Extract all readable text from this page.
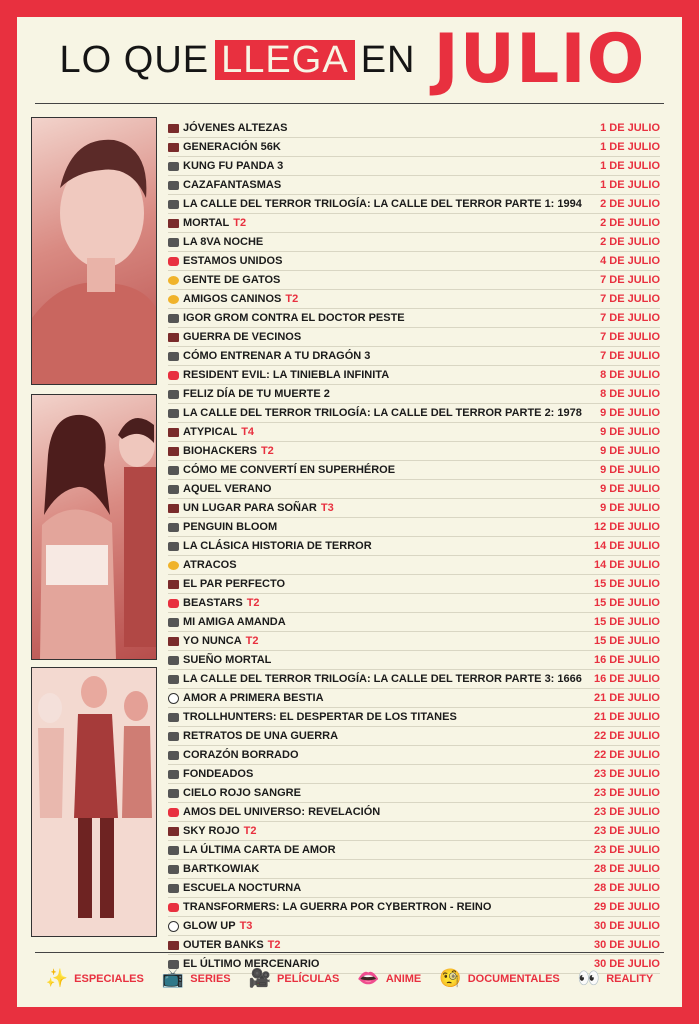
LO QUE LLEGA EN JULIO
JÓVENES ALTEZAS	1 DE JULIO
GENERACIÓN 56K	1 DE JULIO
KUNG FU PANDA 3	1 DE JULIO
CAZAFANTASMAS	1 DE JULIO
LA CALLE DEL TERROR TRILOGÍA: LA CALLE DEL TERROR PARTE 1: 1994 2 DE JULIO
MORTAL T2	2 DE JULIO
LA 8VA NOCHE	2 DE JULIO
ESTAMOS UNIDOS	4 DE JULIO
GENTE DE GATOS	7 DE JULIO
AMIGOS CANINOS T2	7 DE JULIO
IGOR GROM CONTRA EL DOCTOR PESTE	7 DE JULIO
GUERRA DE VECINOS	7 DE JULIO
CÓMO ENTRENAR A TU DRAGÓN 3	7 DE JULIO
RESIDENT EVIL: LA TINIEBLA INFINITA	8 DE JULIO
FELIZ DÍA DE TU MUERTE 2	8 DE JULIO
LA CALLE DEL TERROR TRILOGÍA: LA CALLE DEL TERROR PARTE 2: 1978 9 DE JULIO
ATYPICAL T4	9 DE JULIO
BIOHACKERS T2	9 DE JULIO
CÓMO ME CONVERTÍ EN SUPERHÉROE	9 DE JULIO
AQUEL VERANO	9 DE JULIO
UN LUGAR PARA SOÑAR T3	9 DE JULIO
PENGUIN BLOOM	12 DE JULIO
LA CLÁSICA HISTORIA DE TERROR	14 DE JULIO
ATRACOS	14 DE JULIO
EL PAR PERFECTO	15 DE JULIO
BEASTARS T2	15 DE JULIO
MI AMIGA AMANDA	15 DE JULIO
YO NUNCA T2	15 DE JULIO
SUEÑO MORTAL	16 DE JULIO
LA CALLE DEL TERROR TRILOGÍA: LA CALLE DEL TERROR PARTE 3: 1666 16 DE JULIO
AMOR A PRIMERA BESTIA	21 DE JULIO
TROLLHUNTERS: EL DESPERTAR DE LOS TITANES	21 DE JULIO
RETRATOS DE UNA GUERRA	22 DE JULIO
CORAZÓN BORRADO	22 DE JULIO
FONDEADOS	23 DE JULIO
CIELO ROJO SANGRE	23 DE JULIO
AMOS DEL UNIVERSO: REVELACIÓN	23 DE JULIO
SKY ROJO T2	23 DE JULIO
LA ÚLTIMA CARTA DE AMOR	23 DE JULIO
BARTKOWIAK	28 DE JULIO
ESCUELA NOCTURNA	28 DE JULIO
TRANSFORMERS: LA GUERRA POR CYBERTRON - REINO	29 DE JULIO
GLOW UP T3	30 DE JULIO
OUTER BANKS T2	30 DE JULIO
EL ÚLTIMO MERCENARIO	30 DE JULIO
✨ ESPECIALES 📺 SERIES 🎥 PELÍCULAS 👄 ANIME 🧐 DOCUMENTALES 👀 REALITY
